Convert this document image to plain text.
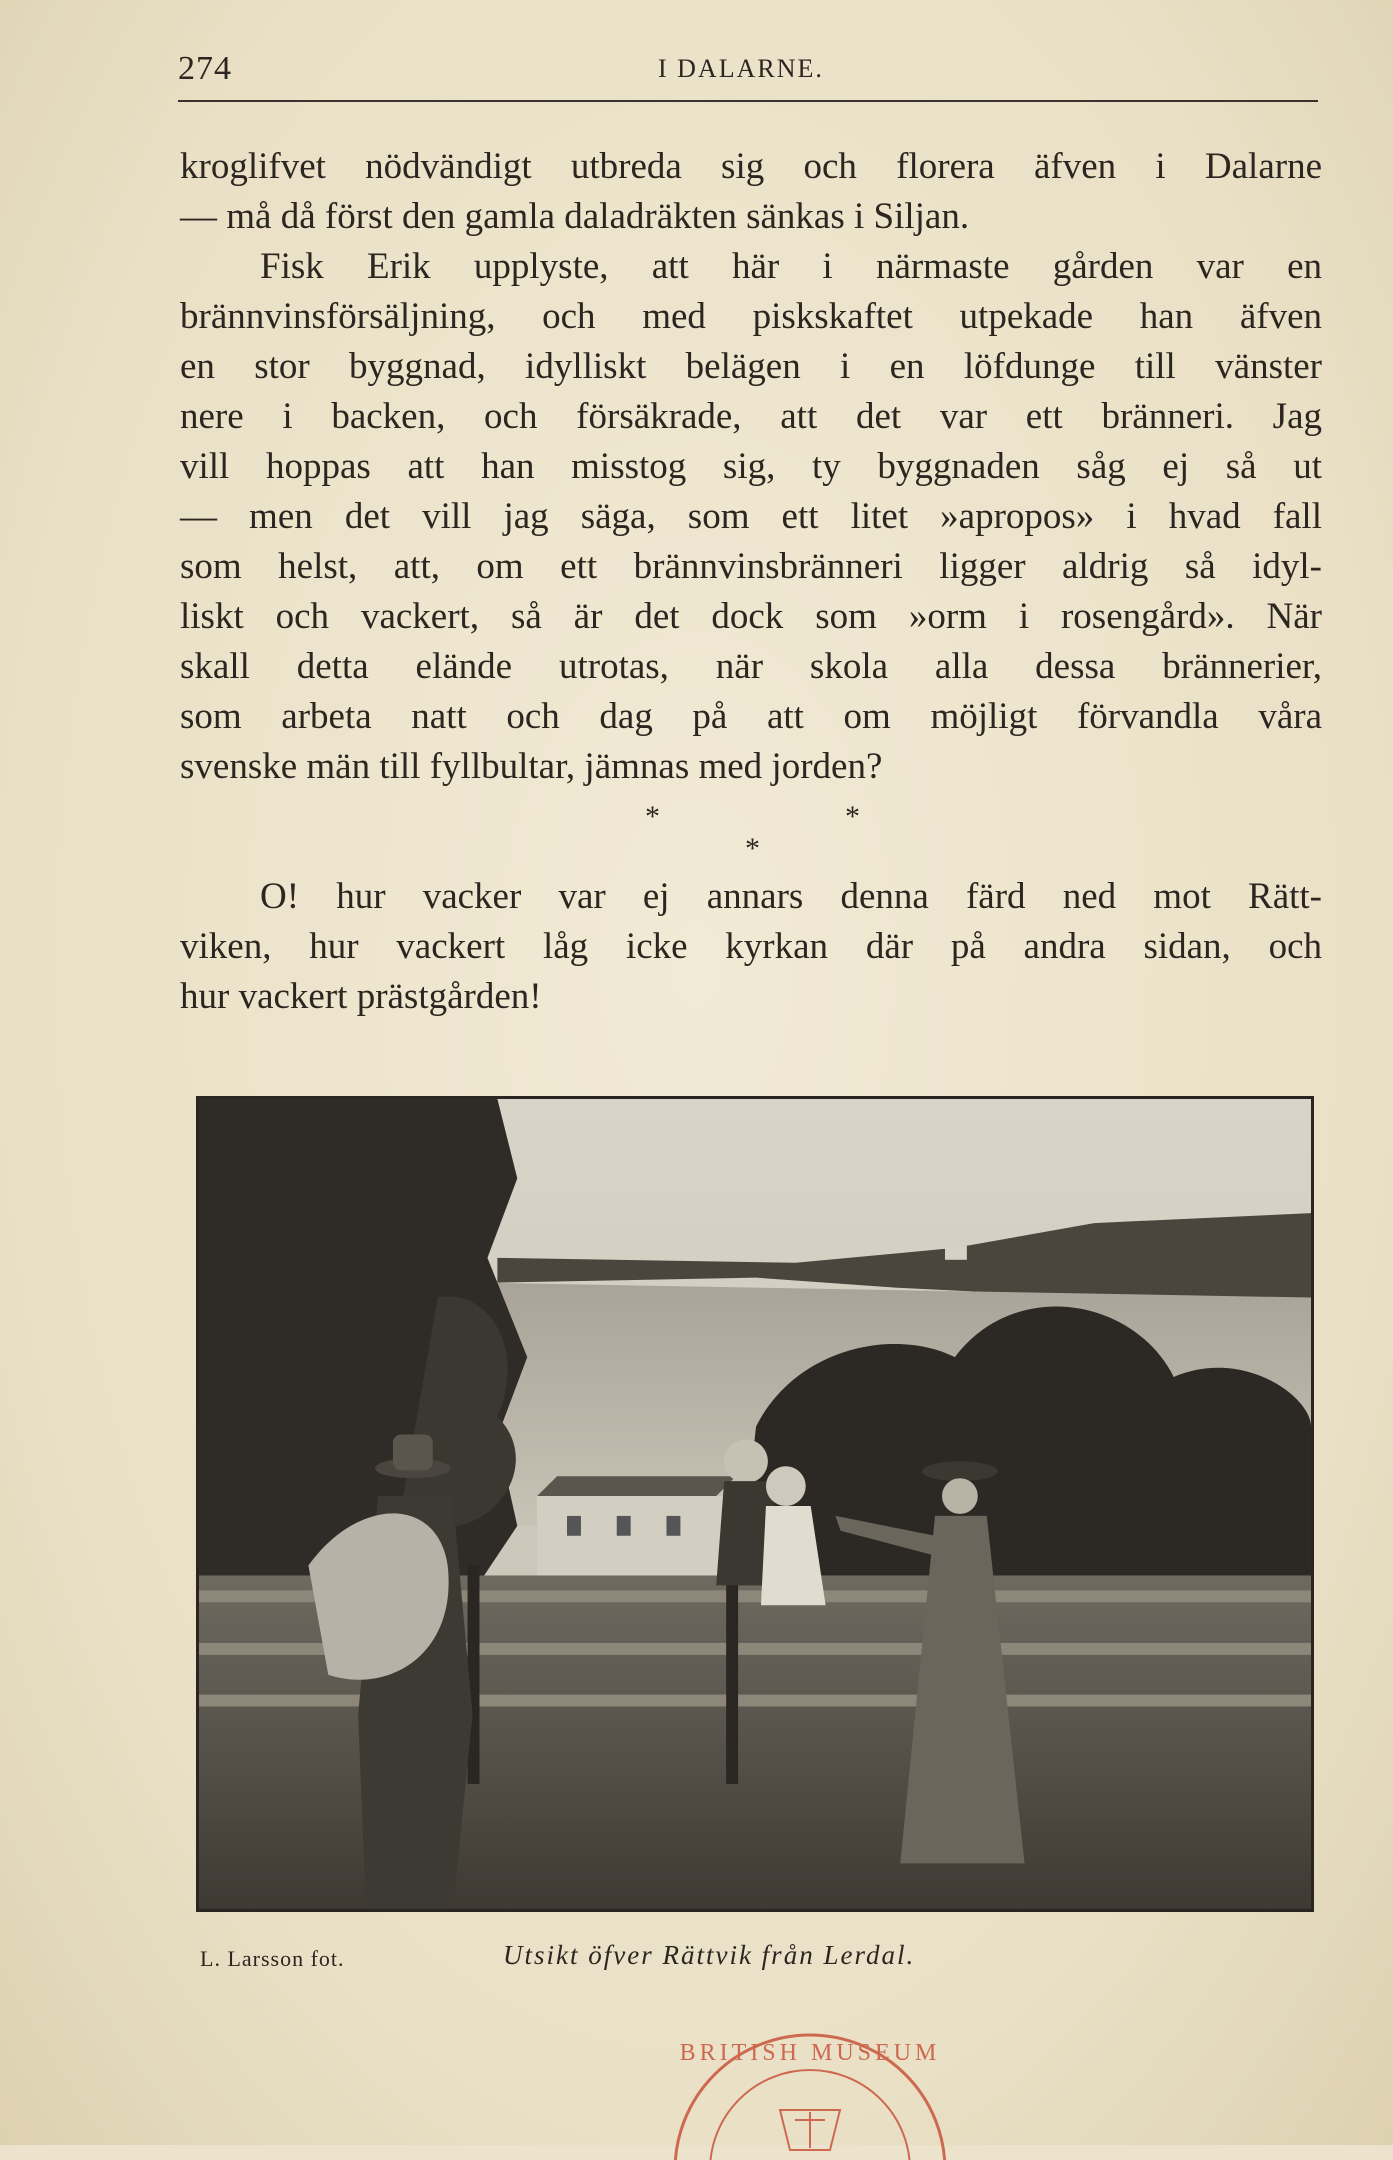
274	I DALARNE.
kroglifvet nödvändigt utbreda sig och florera äfven i Dalarne
— må då först den gamla daladräkten sänkas i Siljan.
Fisk Erik upplyste, att här i närmaste gården var en
brännvinsförsäljning, och med piskskaftet utpekade han äfven
en stor byggnad, idylliskt belägen i en löfdunge till vänster
nere i backen, och försäkrade, att det var ett bränneri. Jag
vill hoppas att han misstog sig, ty byggnaden såg ej så ut
— men det vill jag säga, som ett litet »apropos» i hvad fall
som helst, att, om ett brännvinsbränneri ligger aldrig så idyl-
liskt och vackert, så är det dock som »orm i rosengård». När
skall detta elände utrotas, när skola alla dessa brännerier,
som arbeta natt och dag på att om möjligt förvandla våra
svenske män till fyllbultar, jämnas med jorden?
*	*
*
O! hur vacker var ej annars denna färd ned mot Rätt-
viken, hur vackert låg icke kyrkan där på andra sidan, och
hur vackert prästgården!
L. Larsson fot.	Utsikt öfver Rättvik från Lerdal.
BRITISH MUSEUM
